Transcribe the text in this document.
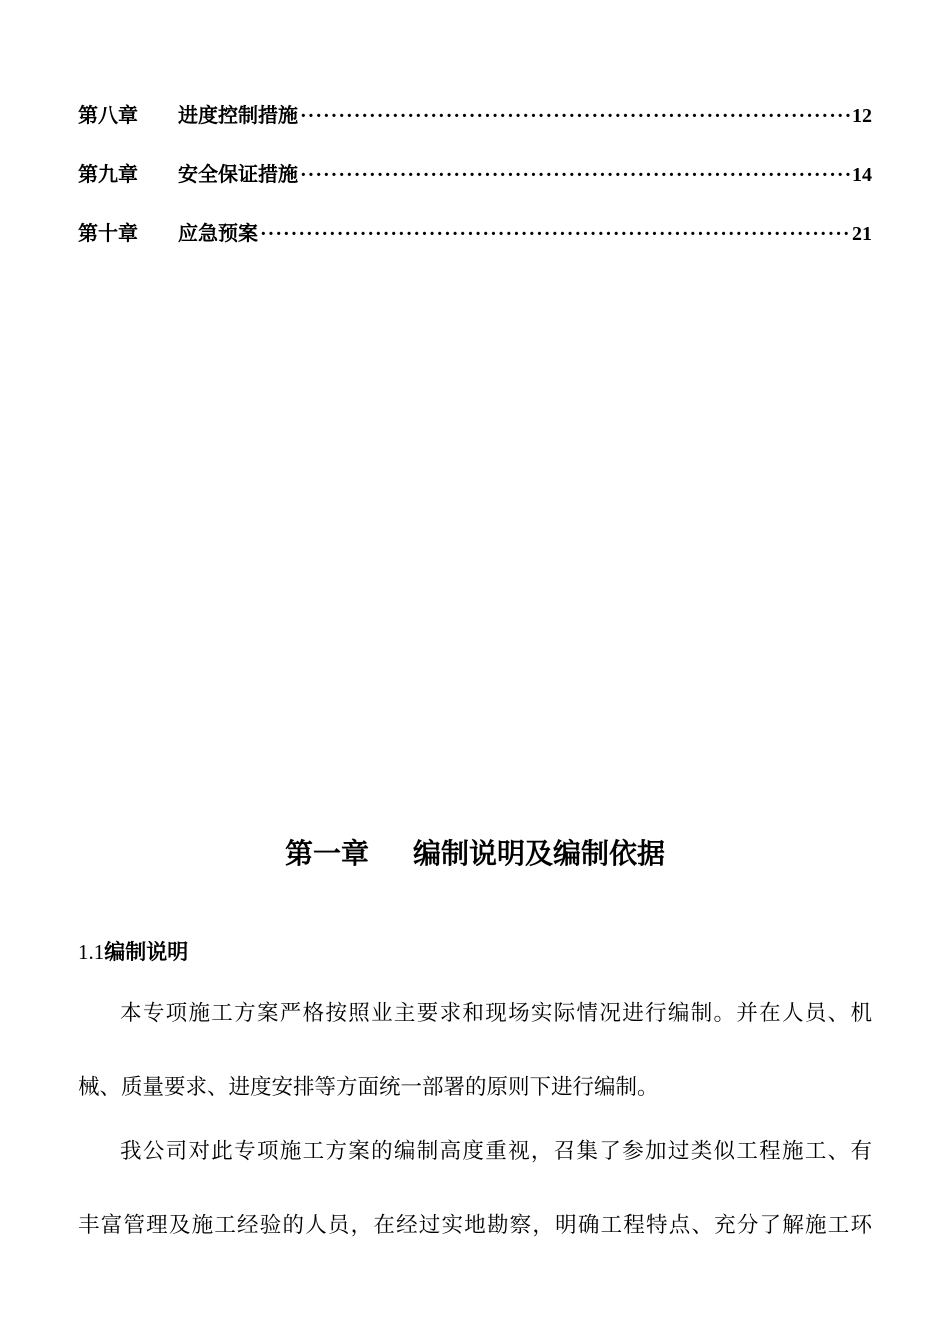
第八章	进度控制措施 ·····	12
第九章	安全保证措施 ·····	14
第十章	应急预案 ·····	21
第一章 编制说明及编制依据
1.1编制说明
本专项施工方案严格按照业主要求和现场实际情况进行编制。并在人员、机
械、质量要求、进度安排等方面统一部署的原则下进行编制。
我公司对此专项施工方案的编制高度重视，召集了参加过类似工程施工、有
丰富管理及施工经验的人员，在经过实地勘察，明确工程特点、充分了解施工环
